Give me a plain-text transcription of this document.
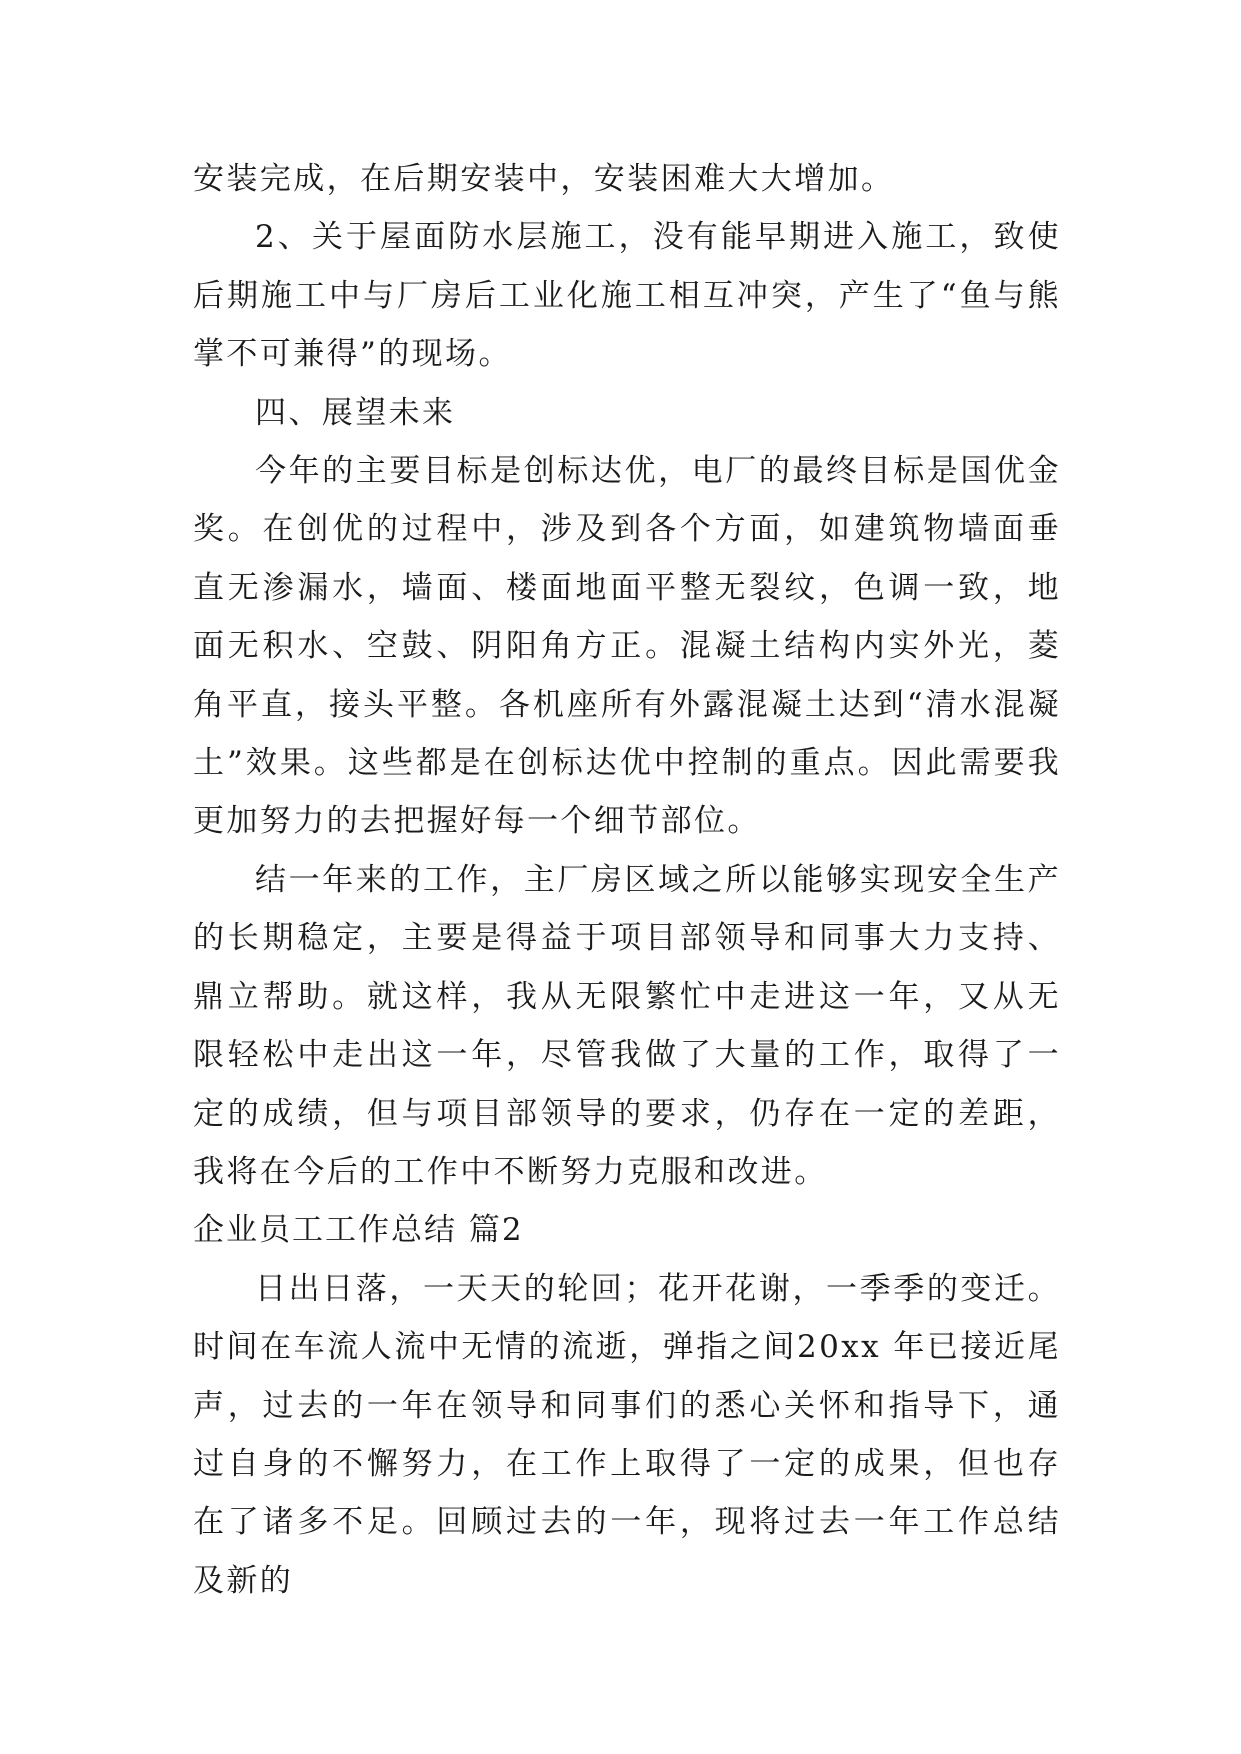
安装完成，在后期安装中，安装困难大大增加。

2、关于屋面防水层施工，没有能早期进入施工，致使后期施工中与厂房后工业化施工相互冲突，产生了“鱼与熊掌不可兼得”的现场。

四、展望未来

今年的主要目标是创标达优，电厂的最终目标是国优金奖。在创优的过程中，涉及到各个方面，如建筑物墙面垂直无渗漏水，墙面、楼面地面平整无裂纹，色调一致，地面无积水、空鼓、阴阳角方正。混凝土结构内实外光，菱角平直，接头平整。各机座所有外露混凝土达到“清水混凝土”效果。这些都是在创标达优中控制的重点。因此需要我更加努力的去把握好每一个细节部位。

结一年来的工作，主厂房区域之所以能够实现安全生产的长期稳定，主要是得益于项目部领导和同事大力支持、鼎立帮助。就这样，我从无限繁忙中走进这一年，又从无限轻松中走出这一年，尽管我做了大量的工作，取得了一定的成绩，但与项目部领导的要求，仍存在一定的差距，我将在今后的工作中不断努力克服和改进。

企业员工工作总结 篇2

日出日落，一天天的轮回；花开花谢，一季季的变迁。时间在车流人流中无情的流逝，弹指之间20xx 年已接近尾声，过去的一年在领导和同事们的悉心关怀和指导下，通过自身的不懈努力，在工作上取得了一定的成果，但也存在了诸多不足。回顾过去的一年，现将过去一年工作总结及新的
